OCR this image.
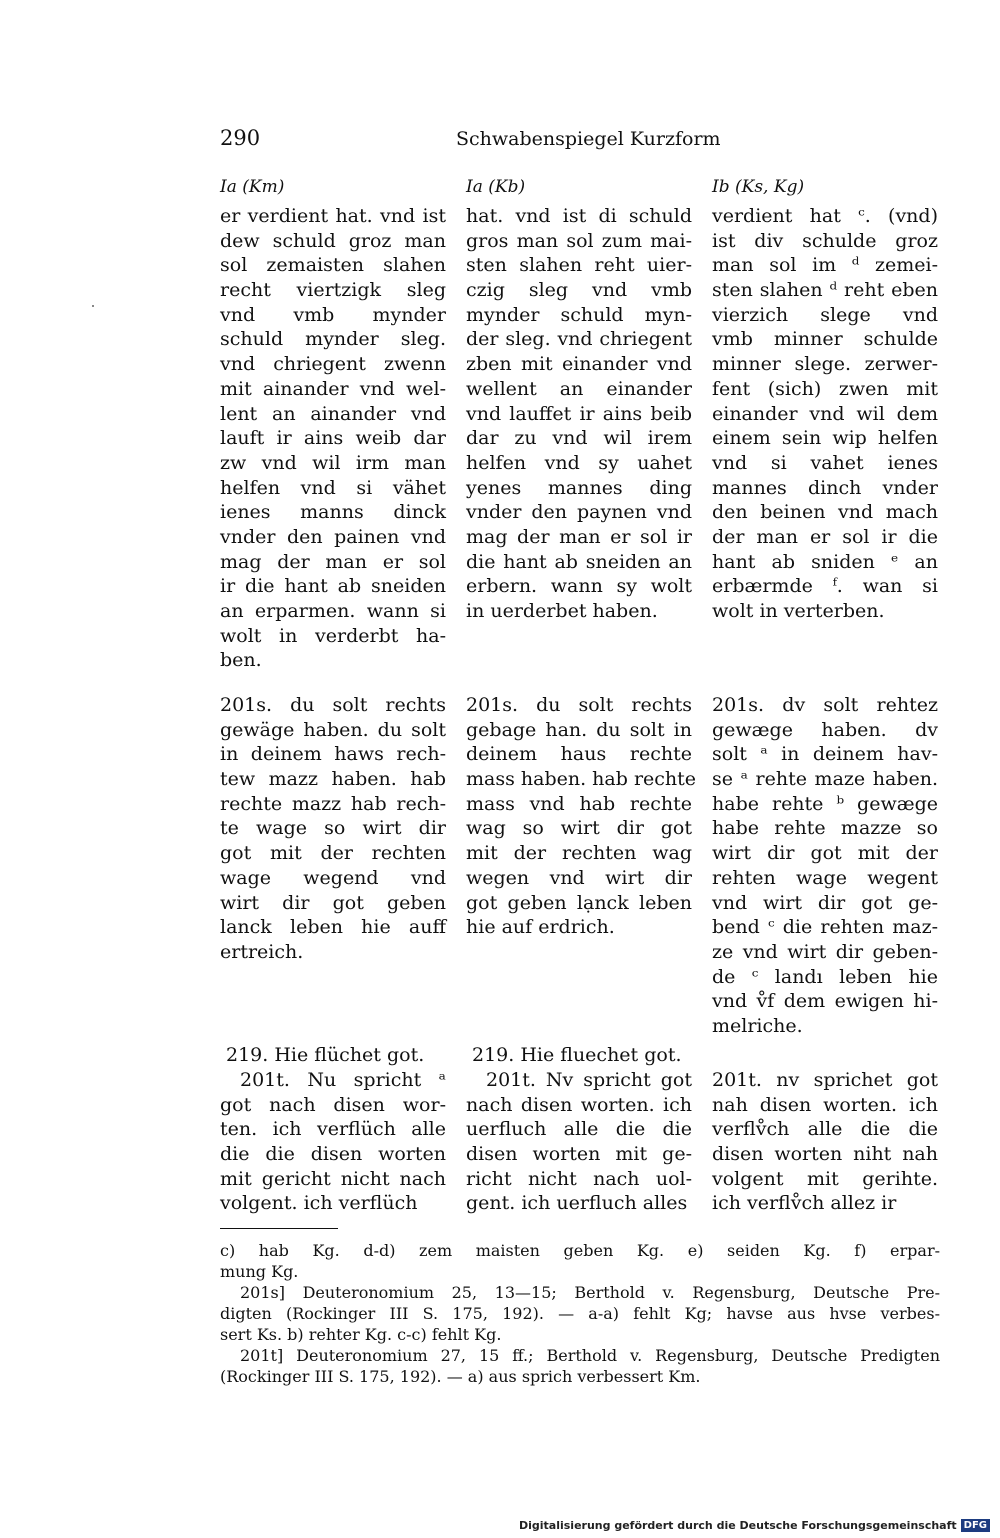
290	Schwabenspiegel Kurzform
Ia (Km)	Ia (Kb)	Ib (Ks, Kg)
er verdient hat. vnd ist
dew schuld groz man
sol zemaisten slahen
recht viertzigk sleg
vnd vmb mynder
schuld mynder sleg.
vnd chriegent zwenn
mit ainander vnd wel-
lent an ainander vnd
lauft ir ains weib dar
zw vnd wil irm man
helfen vnd si vähet
ienes manns dinck
vnder den painen vnd
mag der man er sol
ir die hant ab sneiden
an erparmen. wann si
wolt in verderbt ha-
ben.
hat. vnd ist di schuld
gros man sol zum mai-
sten slahen reht uier-
czig sleg vnd vmb
mynder schuld myn-
der sleg. vnd chriegent
zben mit einander vnd
wellent an einander
vnd lauffet ir ains beib
dar zu vnd wil irem
helfen vnd sy uahet
yenes mannes ding
vnder den paynen vnd
mag der man er sol ir
die hant ab sneiden an
erbern. wann sy wolt
in uerderbet haben.
verdient hat ᶜ. (vnd)
ist div schulde groz
man sol im ᵈ zemei-
sten slahen ᵈ reht eben
vierzich slege vnd
vmb minner schulde
minner slege. zerwer-
fent (sich) zwen mit
einander vnd wil dem
einem sein wip helfen
vnd si vahet ienes
mannes dinch vnder
den beinen vnd mach
der man er sol ir die
hant ab sniden ᵉ an
erbærmde ᶠ. wan si
wolt in verterben.
201s. du solt rechts
gewäge haben. du solt
in deinem haws rech-
tew mazz haben. hab
rechte mazz hab rech-
te wage so wirt dir
got mit der rechten
wage wegend vnd
wirt dir got geben
lanck leben hie auff
ertreich.
201s. du solt rechts
gebage han. du solt in
deinem haus rechte
mass haben. hab rechte
mass vnd hab rechte
wag so wirt dir got
mit der rechten wag
wegen vnd wirt dir
got geben lạnck leben
hie auf erdrich.
201s. dv solt rehtez
gewæge haben. dv
solt ᵃ in deinem hav-
se ᵃ rehte maze haben.
habe rehte ᵇ gewæge
habe rehte mazze so
wirt dir got mit der
rehten wage wegent
vnd wirt dir got ge-
bend ᶜ die rehten maz-
ze vnd wirt dir geben-
de ᶜ landı leben hie
vnd v̊f dem ewigen hi-
melriche.
219. Hie flüchet got.	219. Hie fluechet got.
201t. Nu spricht ᵃ
got nach disen wor-
ten. ich verflüch alle
die die disen worten
mit gericht nicht nach
volgent. ich verflüch
201t. Nv spricht got
nach disen worten. ich
uerfluch alle die die
disen worten mit ge-
richt nicht nach uol-
gent. ich uerfluch alles
201t. nv sprichet got
nah disen worten. ich
verflv̊ch alle die die
disen worten niht nah
volgent mit gerihte.
ich verflv̊ch allez ir
c) hab Kg. d-d) zem maisten geben Kg. e) seiden Kg. f) erpar-
mung Kg.
201s] Deuteronomium 25, 13—15; Berthold v. Regensburg, Deutsche Pre-
digten (Rockinger III S. 175, 192). — a-a) fehlt Kg; havse aus hvse verbes-
sert Ks. b) rehter Kg. c-c) fehlt Kg.
201t] Deuteronomium 27, 15 ff.; Berthold v. Regensburg, Deutsche Predigten
(Rockinger III S. 175, 192). — a) aus sprich verbessert Km.
Digitalisierung gefördert durch die Deutsche Forschungsgemeinschaft DFG
